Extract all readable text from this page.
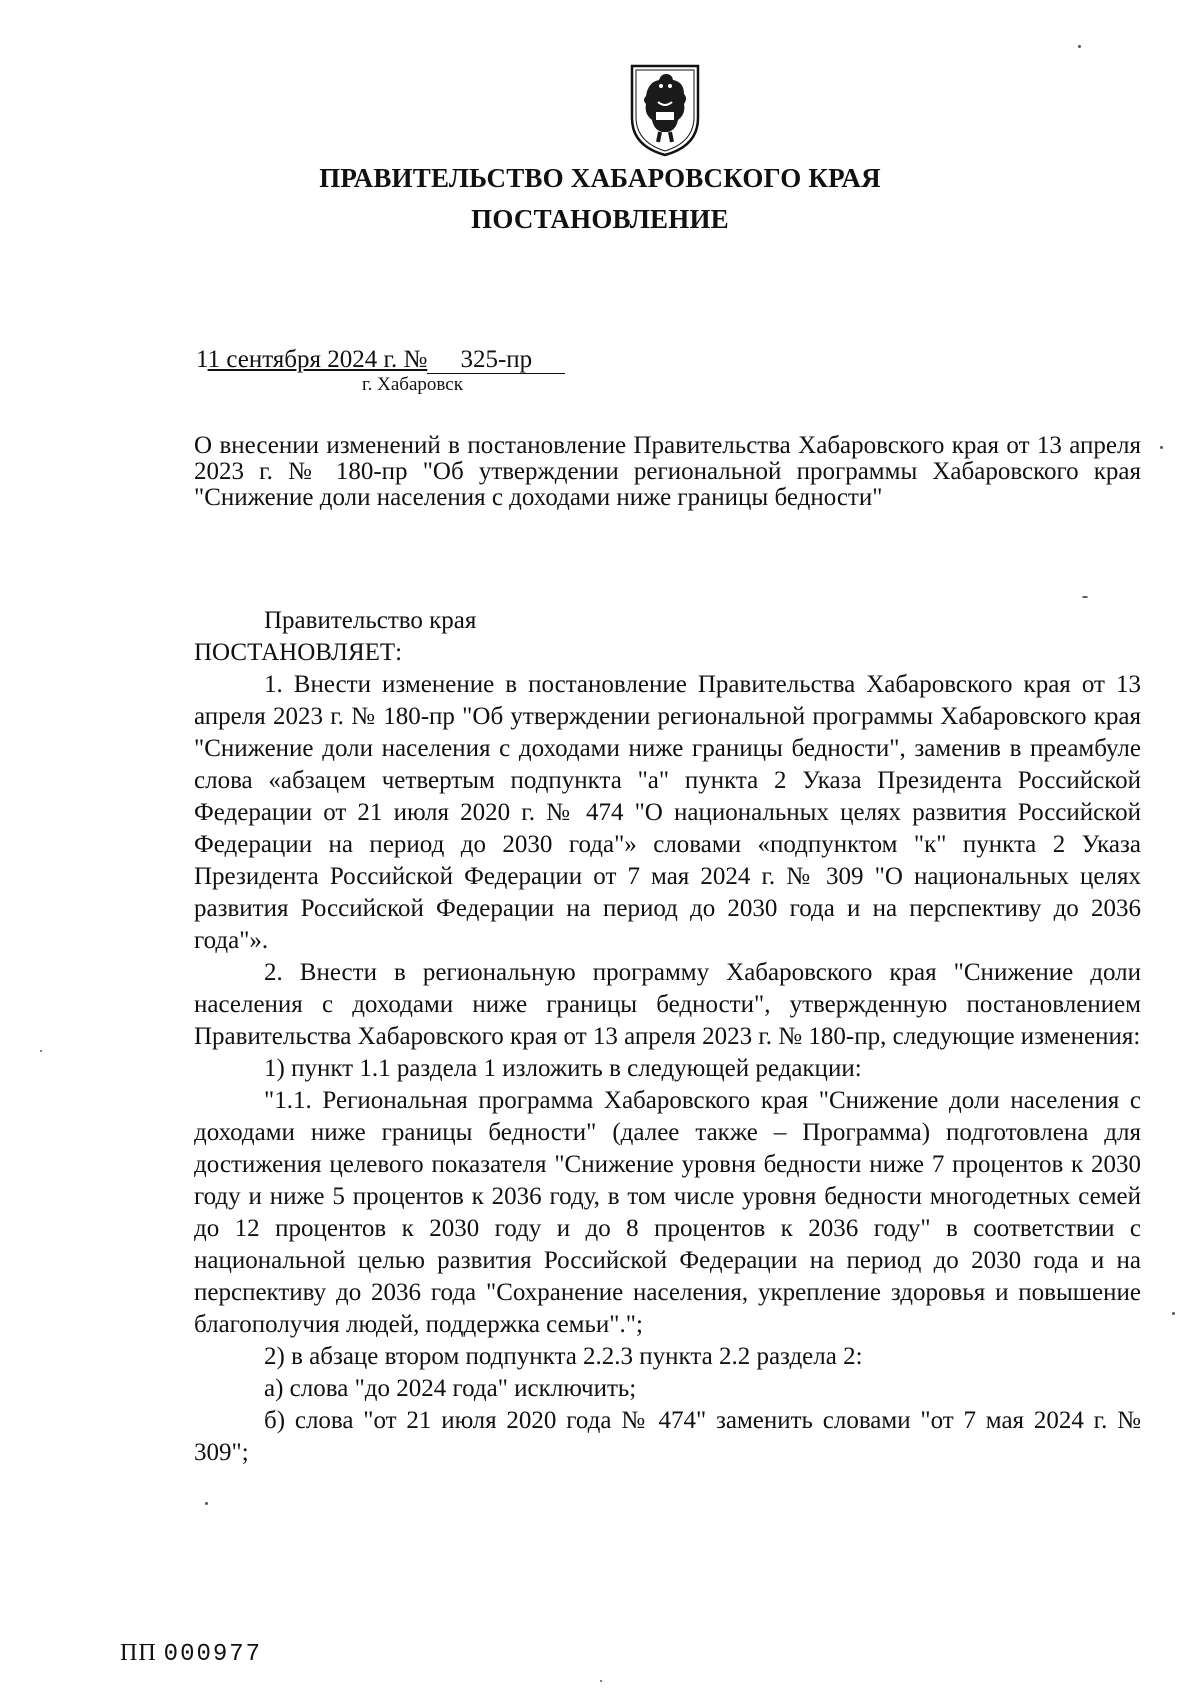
ПРАВИТЕЛЬСТВО ХАБАРОВСКОГО КРАЯ
ПОСТАНОВЛЕНИЕ
11 сентября 2024 г. № 325-пр
г. Хабаровск
О внесении изменений в постановление Правительства Хабаровского края от 13 апреля 2023 г. № 180-пр "Об утверждении региональной программы Хабаровского края "Снижение доли населения с доходами ниже границы бедности"

Правительство края

ПОСТАНОВЛЯЕТ:

1. Внести изменение в постановление Правительства Хабаровского края от 13 апреля 2023 г. № 180-пр "Об утверждении региональной программы Хабаровского края "Снижение доли населения с доходами ниже границы бедности", заменив в преамбуле слова «абзацем четвертым подпункта "а" пункта 2 Указа Президента Российской Федерации от 21 июля 2020 г. № 474 "О национальных целях развития Российской Федерации на период до 2030 года"» словами «подпунктом "к" пункта 2 Указа Президента Российской Федерации от 7 мая 2024 г. № 309 "О национальных целях развития Российской Федерации на период до 2030 года и на перспективу до 2036 года"».

2. Внести в региональную программу Хабаровского края "Снижение доли населения с доходами ниже границы бедности", утвержденную постановлением Правительства Хабаровского края от 13 апреля 2023 г. № 180-пр, следующие изменения:

1) пункт 1.1 раздела 1 изложить в следующей редакции:

"1.1. Региональная программа Хабаровского края "Снижение доли населения с доходами ниже границы бедности" (далее также – Программа) подготовлена для достижения целевого показателя "Снижение уровня бедности ниже 7 процентов к 2030 году и ниже 5 процентов к 2036 году, в том числе уровня бедности многодетных семей до 12 процентов к 2030 году и до 8 процентов к 2036 году" в соответствии с национальной целью развития Российской Федерации на период до 2030 года и на перспективу до 2036 года "Сохранение населения, укрепление здоровья и повышение благополучия людей, поддержка семьи".";

2) в абзаце втором подпункта 2.2.3 пункта 2.2 раздела 2:

а) слова "до 2024 года" исключить;

б) слова "от 21 июля 2020 года № 474" заменить словами "от 7 мая 2024 г. № 309";

ПП 000977
